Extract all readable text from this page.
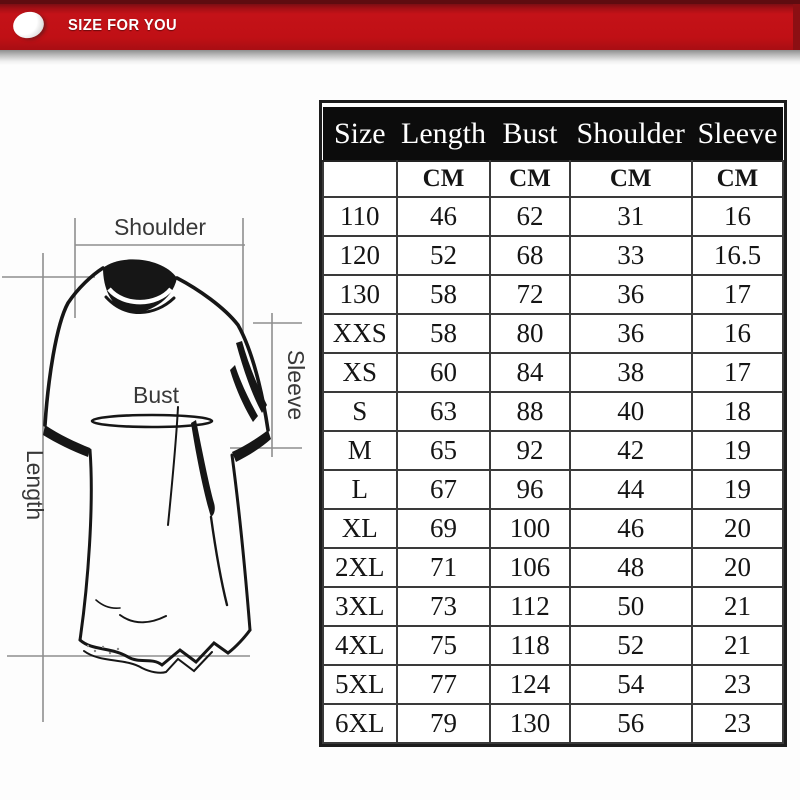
SIZE FOR YOU
Shoulder
Bust
Length
Sleeve
Size	Length	Bust	Shoulder	Sleeve
	CM	CM	CM	CM
110	46	62	31	16
120	52	68	33	16.5
130	58	72	36	17
XXS	58	80	36	16
XS	60	84	38	17
S	63	88	40	18
M	65	92	42	19
L	67	96	44	19
XL	69	100	46	20
2XL	71	106	48	20
3XL	73	112	50	21
4XL	75	118	52	21
5XL	77	124	54	23
6XL	79	130	56	23
